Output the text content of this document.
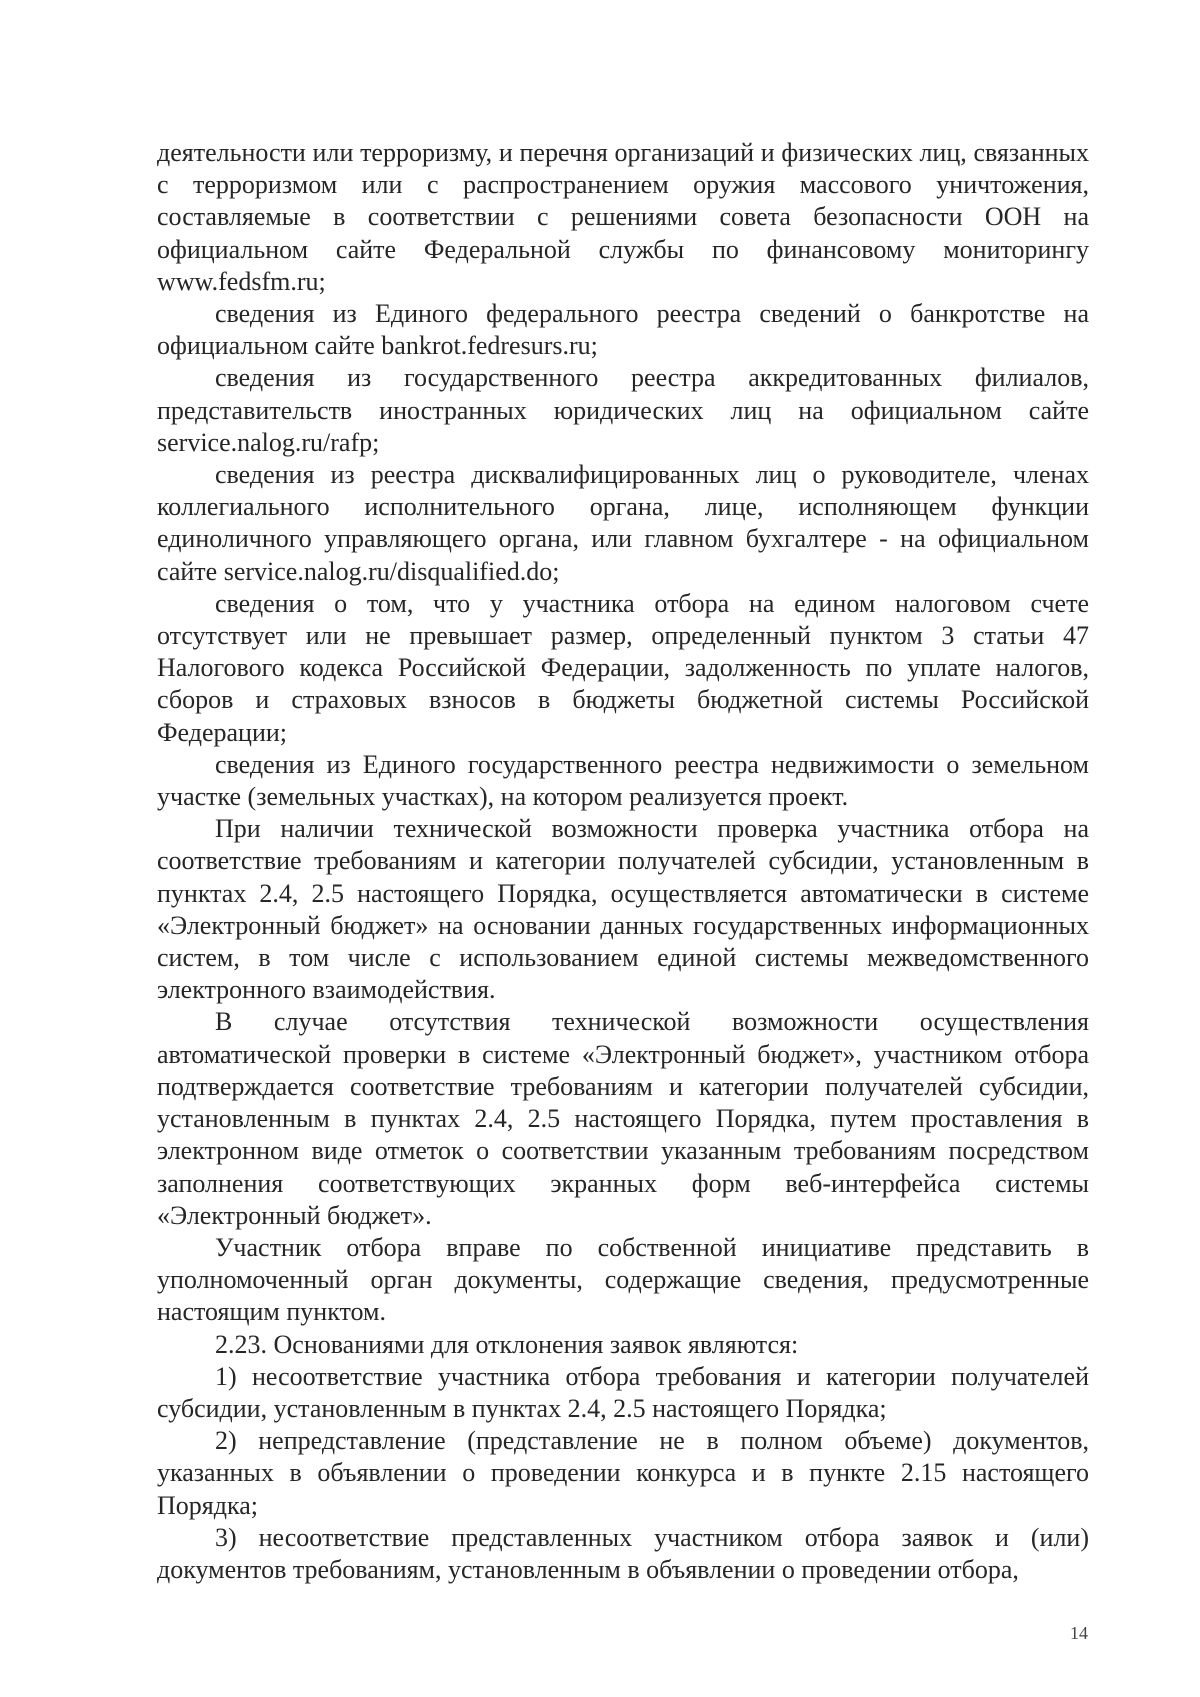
деятельности или терроризму, и перечня организаций и физических лиц, связанных с терроризмом или с распространением оружия массового уничтожения, составляемые в соответствии с решениями совета безопасности ООН на официальном сайте Федеральной службы по финансовому мониторингу www.fedsfm.ru;

сведения из Единого федерального реестра сведений о банкротстве на официальном сайте bankrot.fedresurs.ru;

сведения из государственного реестра аккредитованных филиалов, представительств иностранных юридических лиц на официальном сайте service.nalog.ru/rafp;

сведения из реестра дисквалифицированных лиц о руководителе, членах коллегиального исполнительного органа, лице, исполняющем функции единоличного управляющего органа, или главном бухгалтере - на официальном сайте service.nalog.ru/disqualified.do;

сведения о том, что у участника отбора на едином налоговом счете отсутствует или не превышает размер, определенный пунктом 3 статьи 47 Налогового кодекса Российской Федерации, задолженность по уплате налогов, сборов и страховых взносов в бюджеты бюджетной системы Российской Федерации;

сведения из Единого государственного реестра недвижимости о земельном участке (земельных участках), на котором реализуется проект.

При наличии технической возможности проверка участника отбора на соответствие требованиям и категории получателей субсидии, установленным в пунктах 2.4, 2.5 настоящего Порядка, осуществляется автоматически в системе «Электронный бюджет» на основании данных государственных информационных систем, в том числе с использованием единой системы межведомственного электронного взаимодействия.

В случае отсутствия технической возможности осуществления автоматической проверки в системе «Электронный бюджет», участником отбора подтверждается соответствие требованиям и категории получателей субсидии, установленным в пунктах 2.4, 2.5 настоящего Порядка, путем проставления в электронном виде отметок о соответствии указанным требованиям посредством заполнения соответствующих экранных форм веб-интерфейса системы «Электронный бюджет».

Участник отбора вправе по собственной инициативе представить в уполномоченный орган документы, содержащие сведения, предусмотренные настоящим пунктом.

2.23. Основаниями для отклонения заявок являются:

1) несоответствие участника отбора требования и категории получателей субсидии, установленным в пунктах 2.4, 2.5 настоящего Порядка;

2) непредставление (представление не в полном объеме) документов, указанных в объявлении о проведении конкурса и в пункте 2.15 настоящего Порядка;

3) несоответствие представленных участником отбора заявок и (или) документов требованиям, установленным в объявлении о проведении отбора,

14
